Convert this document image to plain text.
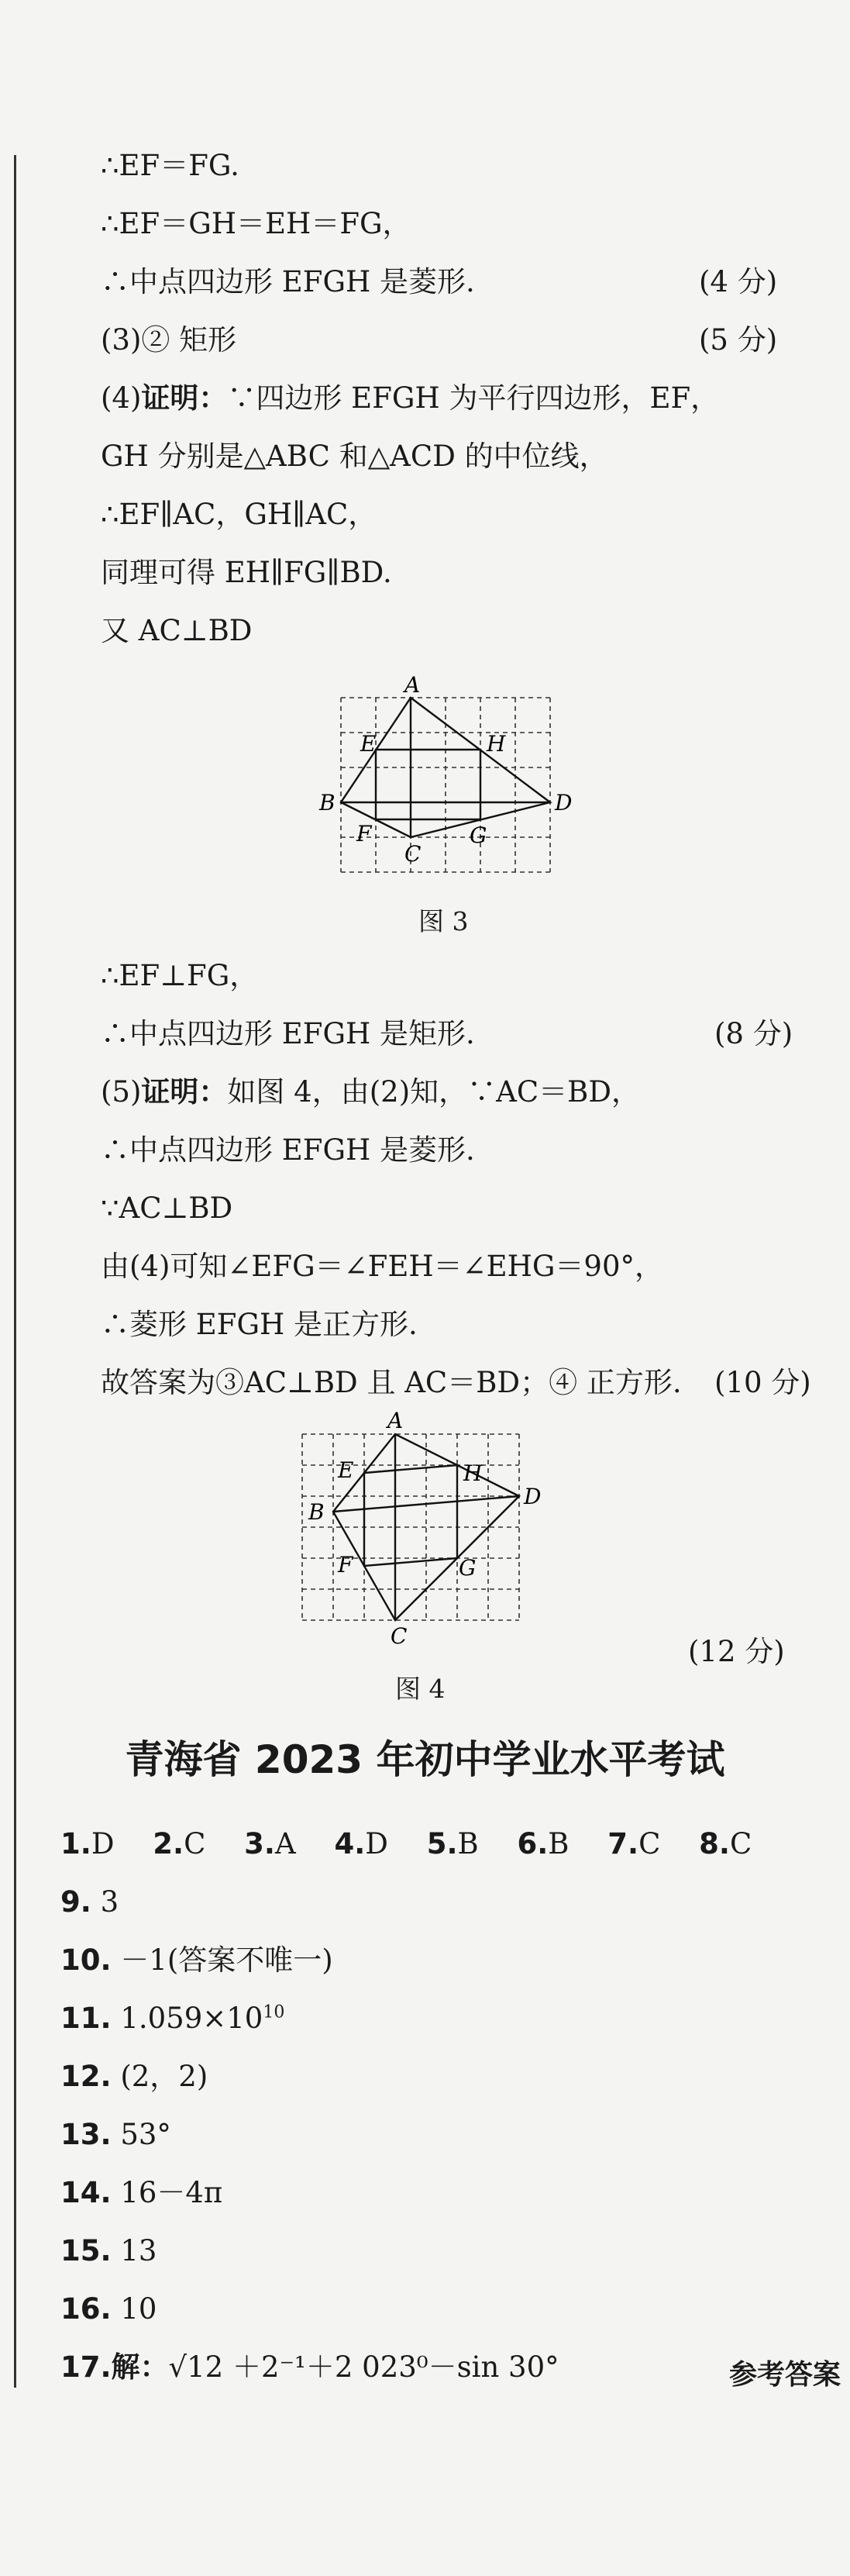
∴EF＝FG.
∴EF＝GH＝EH＝FG，
∴中点四边形 EFGH 是菱形.	(4 分)
(3)② 矩形	(5 分)
(4)证明：∵四边形 EFGH 为平行四边形，EF，
GH 分别是△ABC 和△ACD 的中位线，
∴EF∥AC，GH∥AC，
同理可得 EH∥FG∥BD.
又 AC⊥BD
A
B
C
D
E
F	G
H
图 3
∴EF⊥FG，
∴中点四边形 EFGH 是矩形.	(8 分)
(5)证明：如图 4，由(2)知，∵AC＝BD，
∴中点四边形 EFGH 是菱形.
∵AC⊥BD
由(4)可知∠EFG＝∠FEH＝∠EHG＝90°，
∴菱形 EFGH 是正方形.
故答案为③AC⊥BD 且 AC＝BD；④ 正方形. (10 分)
A
B
C
D
E
F	G
H
图 4
(12 分)
青海省 2023 年初中学业水平考试
1.D 2.C 3.A 4.D 5.B 6.B 7.C 8.C
9. 3
10. －1(答案不唯一)
11. $1.059\times 10^{10}$
12. (2，2)
13. 53°
14. 16－4π
15. 13
16. 10
17.解：√12 ＋2⁻¹＋2 023⁰－sin 30°	参考答案
